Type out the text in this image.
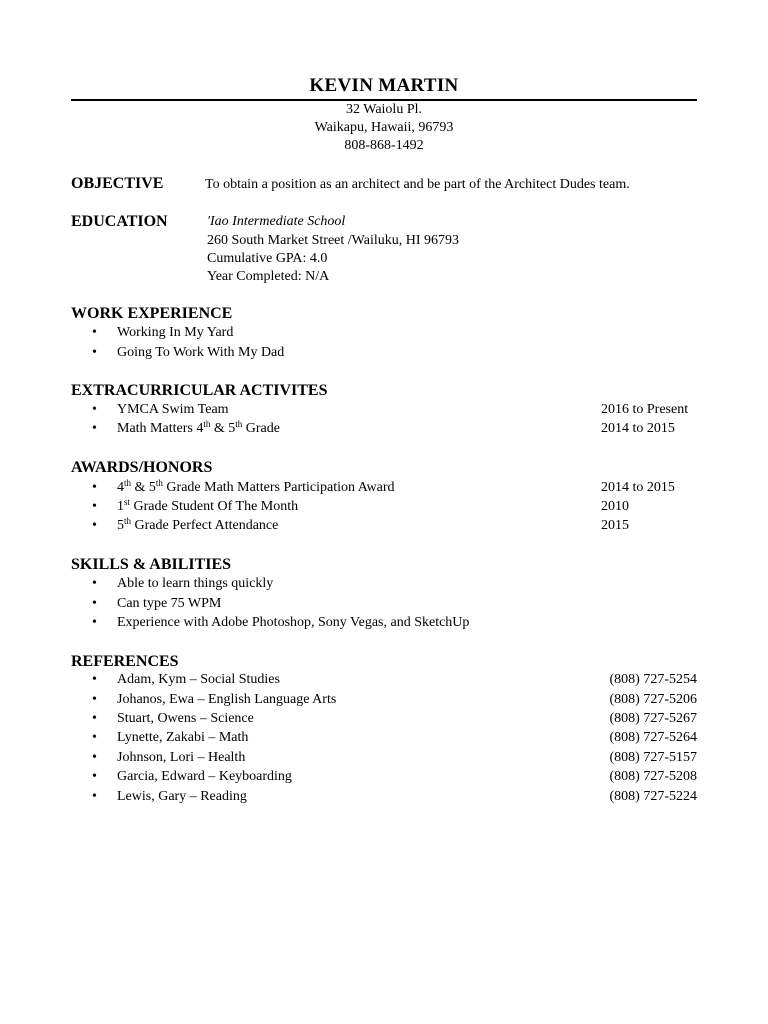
KEVIN MARTIN
32 Waiolu Pl.
Waikapu, Hawaii, 96793
808-868-1492
OBJECTIVE	To obtain a position as an architect and be part of the Architect Dudes team.
EDUCATION	'Iao Intermediate School
260 South Market Street /Wailuku, HI 96793
Cumulative GPA: 4.0
Year Completed: N/A
WORK EXPERIENCE
• Working In My Yard
• Going To Work With My Dad
EXTRACURRICULAR ACTIVITES
• YMCA Swim Team	2016 to Present
• Math Matters 4th & 5th Grade	2014 to 2015
AWARDS/HONORS
• 4th & 5th Grade Math Matters Participation Award	2014 to 2015
• 1st Grade Student Of The Month	2010
• 5th Grade Perfect Attendance	2015
SKILLS & ABILITIES
• Able to learn things quickly
• Can type 75 WPM
• Experience with Adobe Photoshop, Sony Vegas, and SketchUp
REFERENCES
• Adam, Kym – Social Studies	(808) 727-5254
• Johanos, Ewa – English Language Arts	(808) 727-5206
• Stuart, Owens – Science	(808) 727-5267
• Lynette, Zakabi – Math	(808) 727-5264
• Johnson, Lori – Health	(808) 727-5157
• Garcia, Edward – Keyboarding	(808) 727-5208
• Lewis, Gary – Reading	(808) 727-5224
